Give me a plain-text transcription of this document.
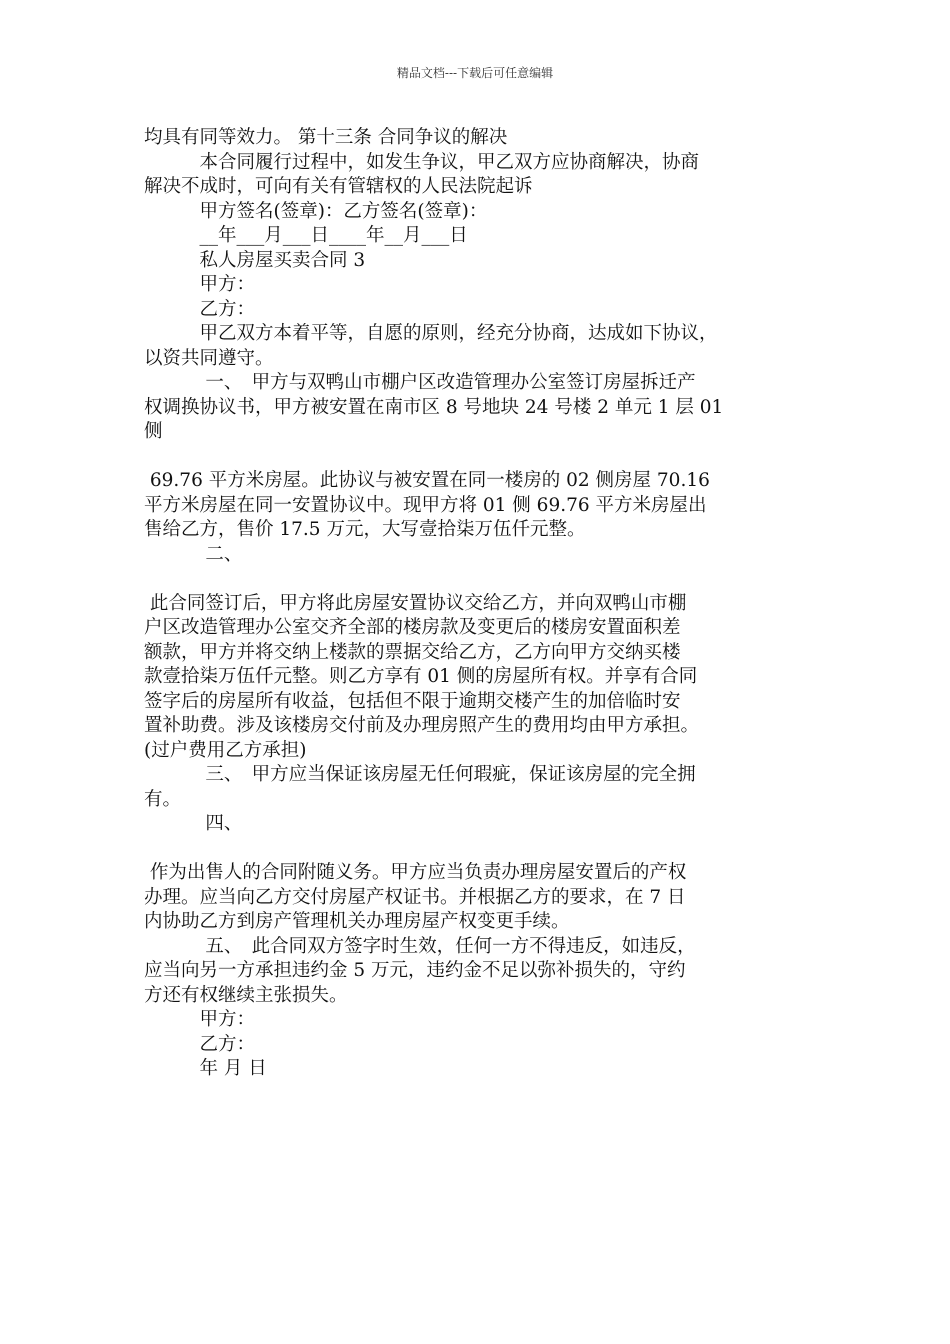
精品文档---下载后可任意编辑
均具有同等效力。 第十三条 合同争议的解决
　　　本合同履行过程中，如发生争议，甲乙双方应协商解决，协商
解决不成时，可向有关有管辖权的人民法院起诉
　　　甲方签名(签章)：乙方签名(签章)：
　　　__年___月___日____年__月___日
　　　私人房屋买卖合同 3
　　　甲方：
　　　乙方：
　　　甲乙双方本着平等，自愿的原则，经充分协商，达成如下协议，
以资共同遵守。
　　　 一、　甲方与双鸭山市棚户区改造管理办公室签订房屋拆迁产
权调换协议书，甲方被安置在南市区 8 号地块 24 号楼 2 单元 1 层 01
侧
69.76 平方米房屋。此协议与被安置在同一楼房的 02 侧房屋 70.16
平方米房屋在同一安置协议中。现甲方将 01 侧 69.76 平方米房屋出
售给乙方，售价 17.5 万元，大写壹拾柒万伍仟元整。
　　　 二、
此合同签订后，甲方将此房屋安置协议交给乙方，并向双鸭山市棚
户区改造管理办公室交齐全部的楼房款及变更后的楼房安置面积差
额款，甲方并将交纳上楼款的票据交给乙方，乙方向甲方交纳买楼
款壹拾柒万伍仟元整。则乙方享有 01 侧的房屋所有权。并享有合同
签字后的房屋所有收益，包括但不限于逾期交楼产生的加倍临时安
置补助费。涉及该楼房交付前及办理房照产生的费用均由甲方承担。
(过户费用乙方承担)
　　　 三、　甲方应当保证该房屋无任何瑕疵，保证该房屋的完全拥
有。
　　　 四、
作为出售人的合同附随义务。甲方应当负责办理房屋安置后的产权
办理。应当向乙方交付房屋产权证书。并根据乙方的要求，在 7 日
内协助乙方到房产管理机关办理房屋产权变更手续。
　　　 五、　此合同双方签字时生效，任何一方不得违反，如违反，
应当向另一方承担违约金 5 万元，违约金不足以弥补损失的，守约
方还有权继续主张损失。
　　　甲方：
　　　乙方：
　　　年 月 日
